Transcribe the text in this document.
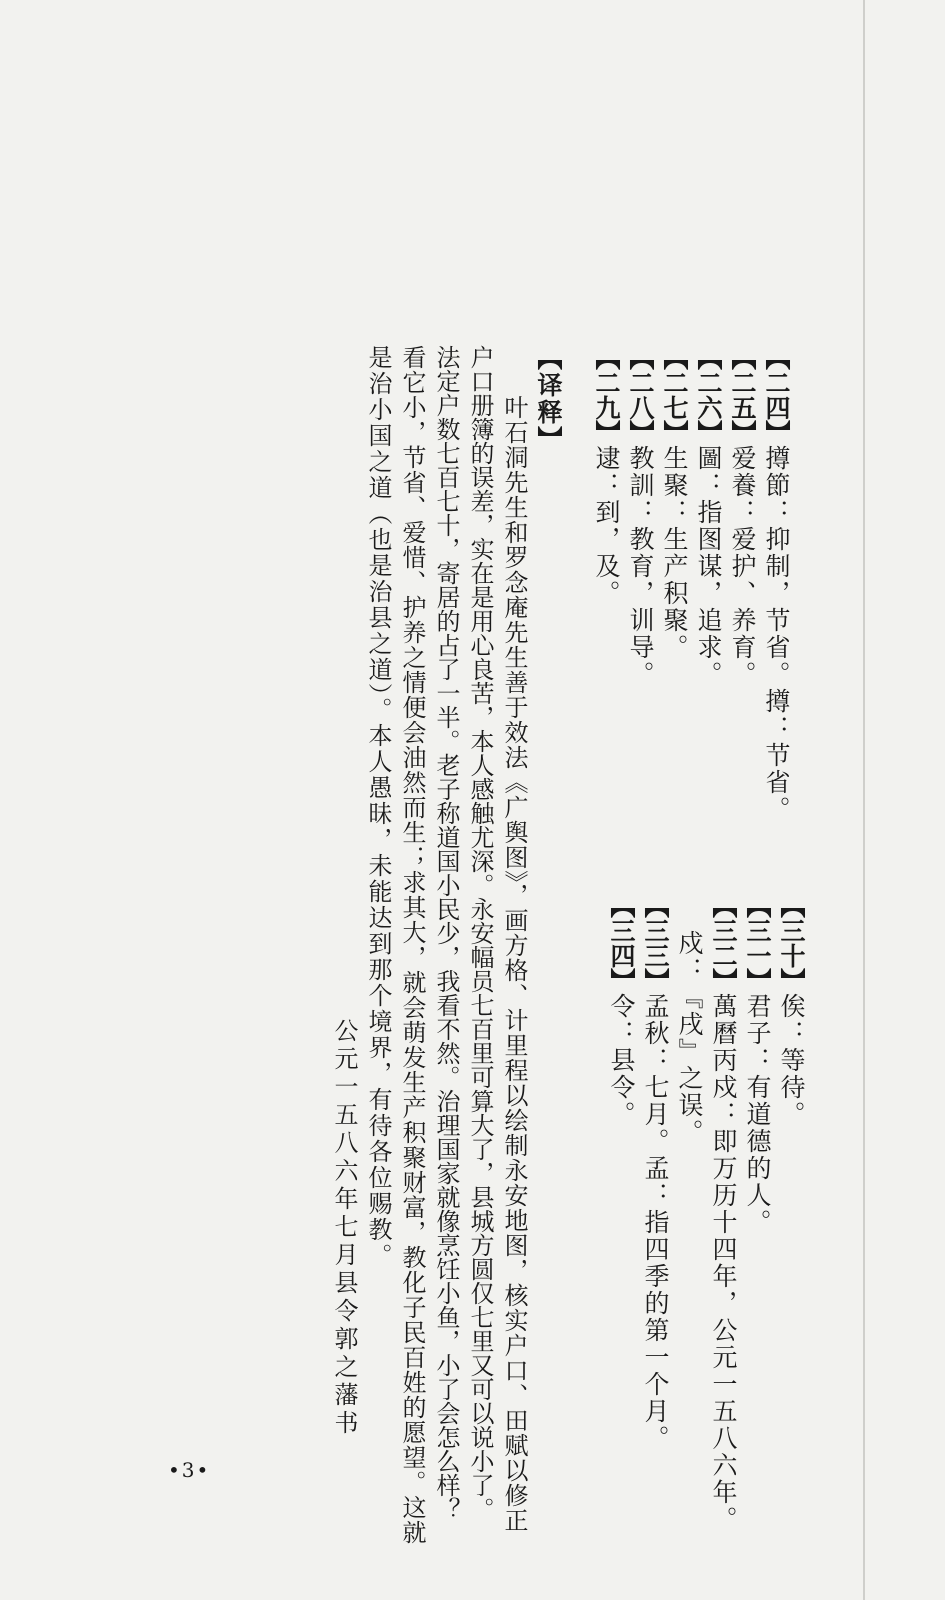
【二四】撙節：抑制，节省。撙：节省。
【二五】爱養：爱护、养育。
【二六】圖：指图谋，追求。
【二七】生聚：生产积聚。
【二八】教訓：教育，训导。
【二九】逮：到，及。
【三十】俟：等待。
【三一】君子：有道德的人。
【三二】萬曆丙戍：即万历十四年，公元一五八六年。
戍：『戌』之误。
【三三】孟秋：七月。孟：指四季的第一个月。
【三四】令：县令。
【译释】
叶石洞先生和罗念庵先生善于效法《广舆图》，画方格、计里程以绘制永安地图，核实户口、田赋以修正
户口册簿的误差，实在是用心良苦，本人感触尤深。永安幅员七百里可算大了，县城方圆仅七里又可以说小了。
法定户数七百七十，寄居的占了一半。老子称道国小民少，我看不然。治理国家就像烹饪小鱼，小了会怎么样？
看它小，节省、爱惜、护养之情便会油然而生；求其大，就会萌发生产积聚财富，教化子民百姓的愿望。这就
是治小国之道（也是治县之道）。本人愚昧，未能达到那个境界，有待各位赐教。
公元一五八六年七月县令郭之藩书
•3•
